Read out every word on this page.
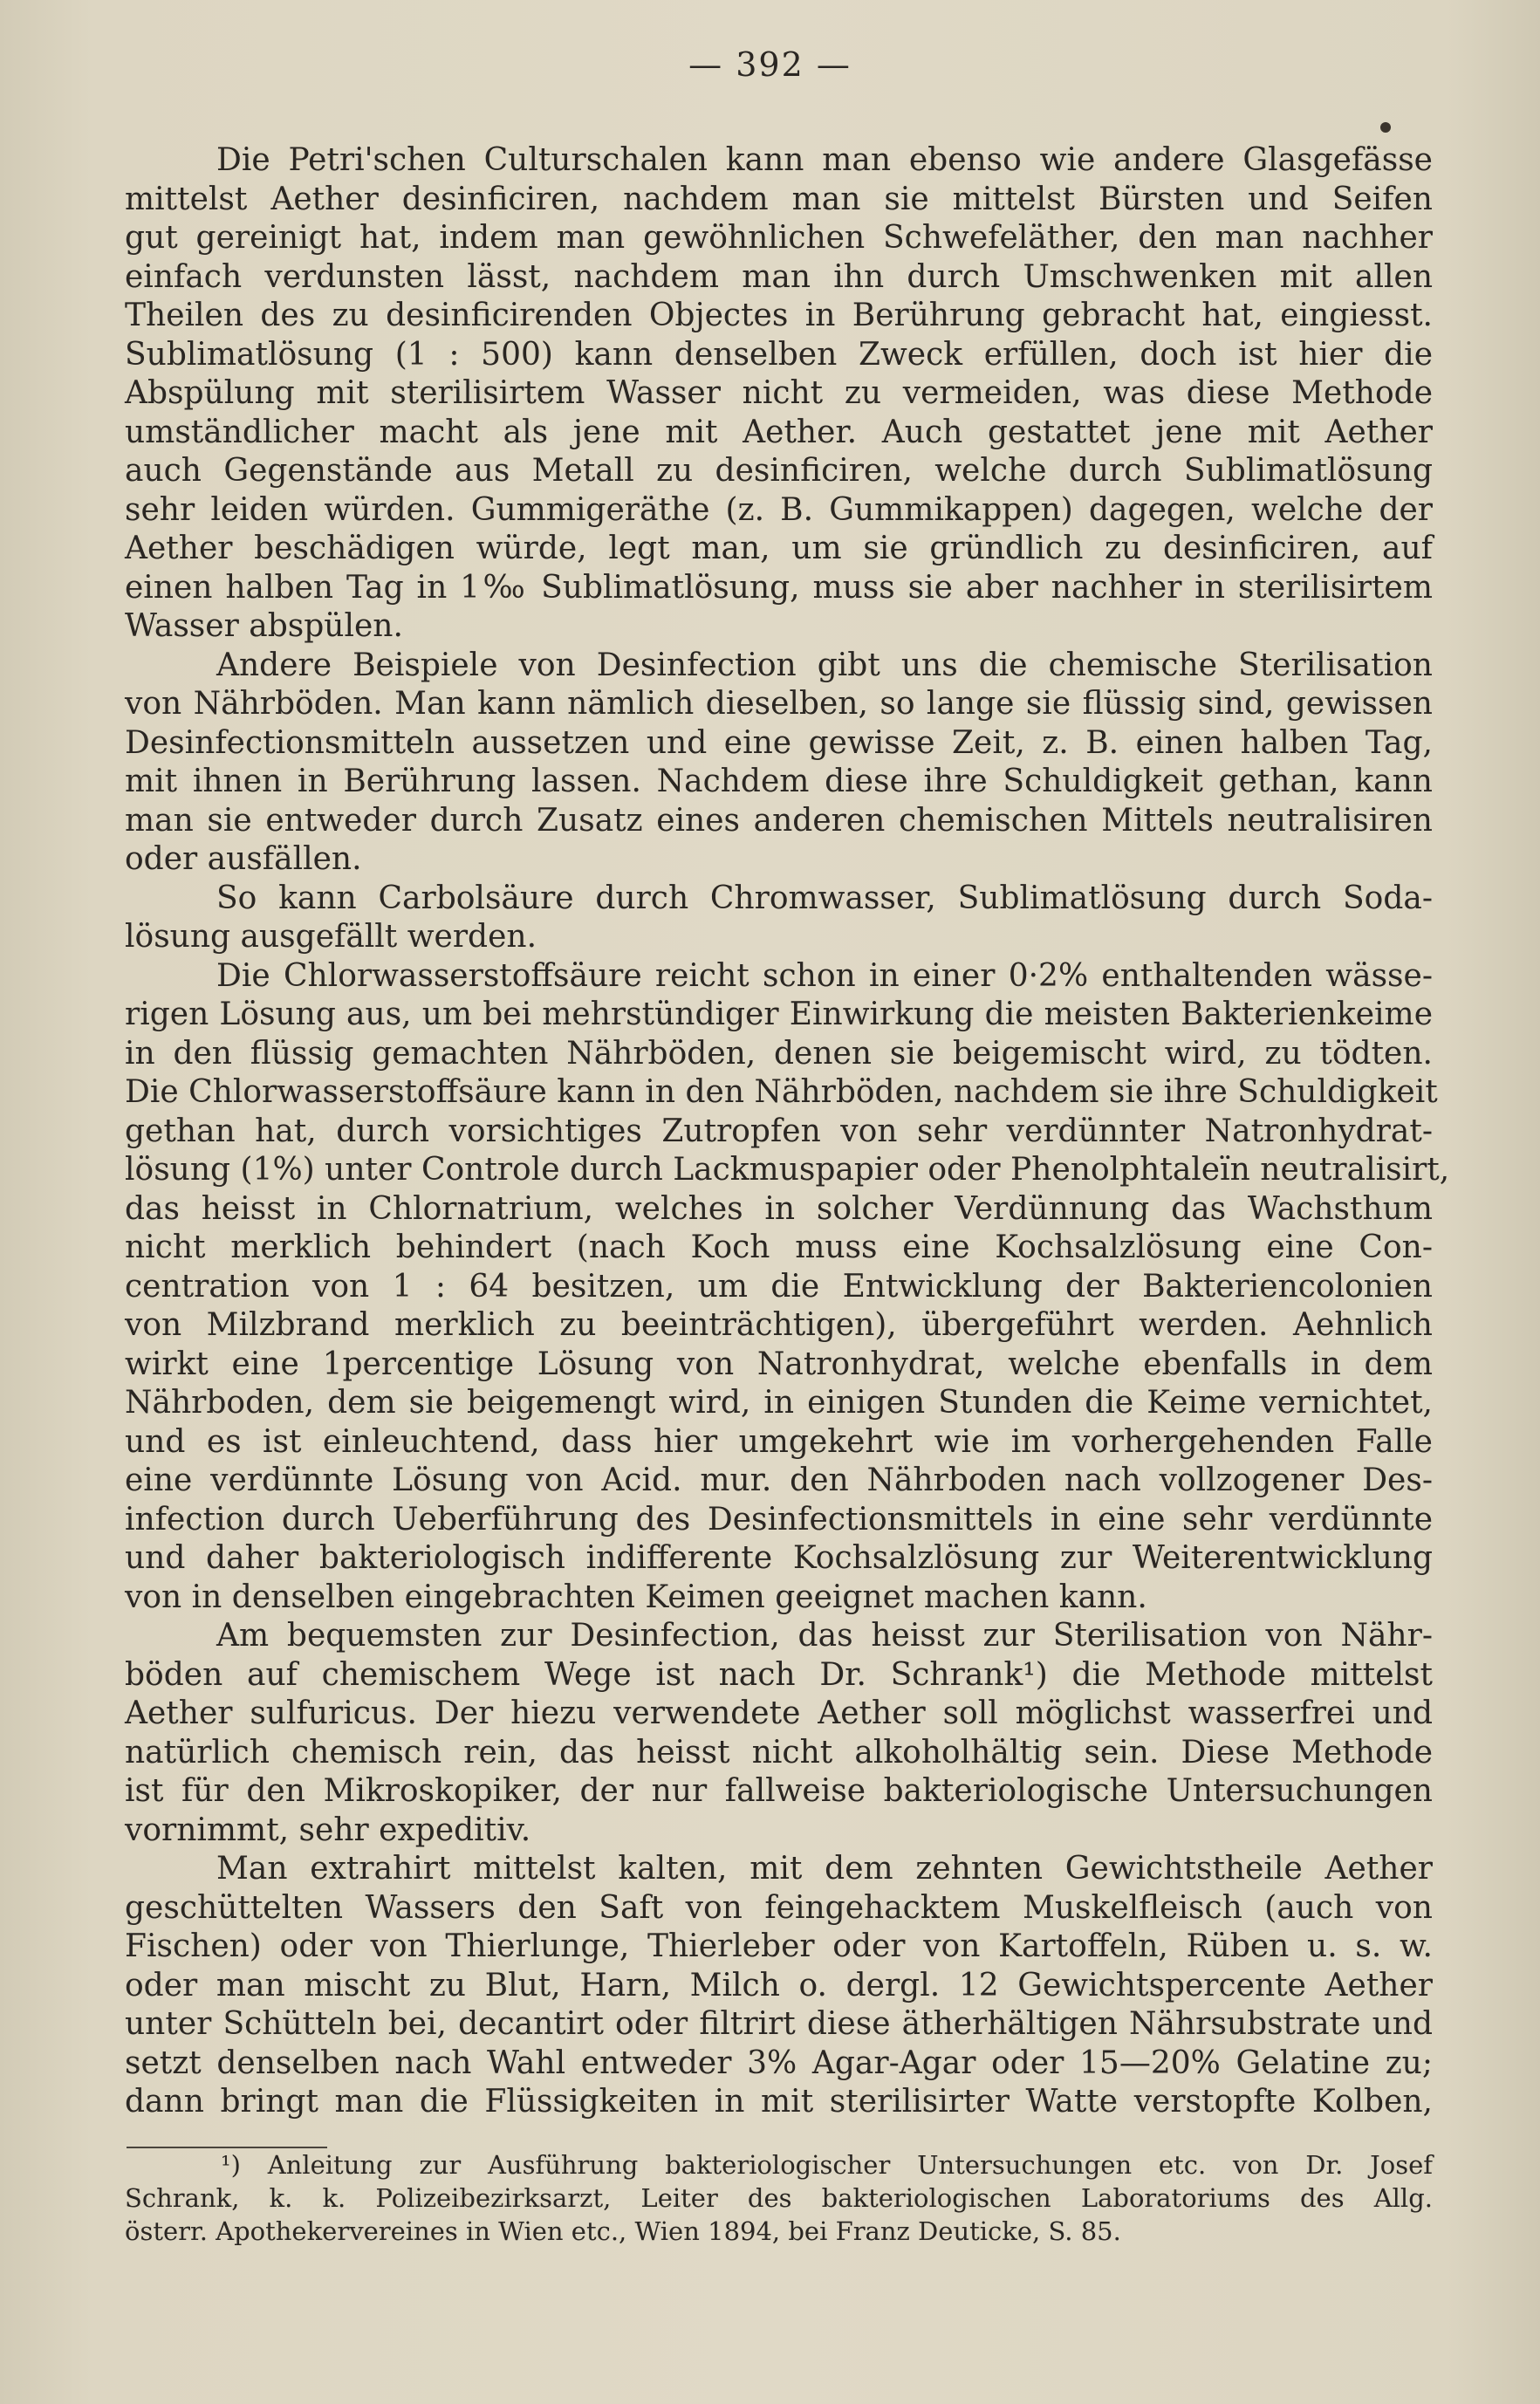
— 392 —
Die Petri'schen Culturschalen kann man ebenso wie andere Glasgefässe
mittelst Aether desinficiren, nachdem man sie mittelst Bürsten und Seifen
gut gereinigt hat, indem man gewöhnlichen Schwefeläther, den man nachher
einfach verdunsten lässt, nachdem man ihn durch Umschwenken mit allen
Theilen des zu desinficirenden Objectes in Berührung gebracht hat, eingiesst.
Sublimatlösung (1 : 500) kann denselben Zweck erfüllen, doch ist hier die
Abspülung mit sterilisirtem Wasser nicht zu vermeiden, was diese Methode
umständlicher macht als jene mit Aether. Auch gestattet jene mit Aether
auch Gegenstände aus Metall zu desinficiren, welche durch Sublimatlösung
sehr leiden würden. Gummigeräthe (z. B. Gummikappen) dagegen, welche der
Aether beschädigen würde, legt man, um sie gründlich zu desinficiren, auf
einen halben Tag in 1‰ Sublimatlösung, muss sie aber nachher in sterilisirtem
Wasser abspülen.
Andere Beispiele von Desinfection gibt uns die chemische Sterilisation
von Nährböden. Man kann nämlich dieselben, so lange sie flüssig sind, gewissen
Desinfectionsmitteln aussetzen und eine gewisse Zeit, z. B. einen halben Tag,
mit ihnen in Berührung lassen. Nachdem diese ihre Schuldigkeit gethan, kann
man sie entweder durch Zusatz eines anderen chemischen Mittels neutralisiren
oder ausfällen.
So kann Carbolsäure durch Chromwasser, Sublimatlösung durch Soda-
lösung ausgefällt werden.
Die Chlorwasserstoffsäure reicht schon in einer 0·2% enthaltenden wässe-
rigen Lösung aus, um bei mehrstündiger Einwirkung die meisten Bakterienkeime
in den flüssig gemachten Nährböden, denen sie beigemischt wird, zu tödten.
Die Chlorwasserstoffsäure kann in den Nährböden, nachdem sie ihre Schuldigkeit
gethan hat, durch vorsichtiges Zutropfen von sehr verdünnter Natronhydrat-
lösung (1%) unter Controle durch Lackmuspapier oder Phenolphtaleïn neutralisirt,
das heisst in Chlornatrium, welches in solcher Verdünnung das Wachsthum
nicht merklich behindert (nach Koch muss eine Kochsalzlösung eine Con-
centration von 1 : 64 besitzen, um die Entwicklung der Bakteriencolonien
von Milzbrand merklich zu beeinträchtigen), übergeführt werden. Aehnlich
wirkt eine 1percentige Lösung von Natronhydrat, welche ebenfalls in dem
Nährboden, dem sie beigemengt wird, in einigen Stunden die Keime vernichtet,
und es ist einleuchtend, dass hier umgekehrt wie im vorhergehenden Falle
eine verdünnte Lösung von Acid. mur. den Nährboden nach vollzogener Des-
infection durch Ueberführung des Desinfectionsmittels in eine sehr verdünnte
und daher bakteriologisch indifferente Kochsalzlösung zur Weiterentwicklung
von in denselben eingebrachten Keimen geeignet machen kann.
Am bequemsten zur Desinfection, das heisst zur Sterilisation von Nähr-
böden auf chemischem Wege ist nach Dr. Schrank¹) die Methode mittelst
Aether sulfuricus. Der hiezu verwendete Aether soll möglichst wasserfrei und
natürlich chemisch rein, das heisst nicht alkoholhältig sein. Diese Methode
ist für den Mikroskopiker, der nur fallweise bakteriologische Untersuchungen
vornimmt, sehr expeditiv.
Man extrahirt mittelst kalten, mit dem zehnten Gewichtstheile Aether
geschüttelten Wassers den Saft von feingehacktem Muskelfleisch (auch von
Fischen) oder von Thierlunge, Thierleber oder von Kartoffeln, Rüben u. s. w.
oder man mischt zu Blut, Harn, Milch o. dergl. 12 Gewichtspercente Aether
unter Schütteln bei, decantirt oder filtrirt diese ätherhältigen Nährsubstrate und
setzt denselben nach Wahl entweder 3% Agar-Agar oder 15—20% Gelatine zu;
dann bringt man die Flüssigkeiten in mit sterilisirter Watte verstopfte Kolben,
¹) Anleitung zur Ausführung bakteriologischer Untersuchungen etc. von Dr. Josef
Schrank, k. k. Polizeibezirksarzt, Leiter des bakteriologischen Laboratoriums des Allg.
österr. Apothekervereines in Wien etc., Wien 1894, bei Franz Deuticke, S. 85.
